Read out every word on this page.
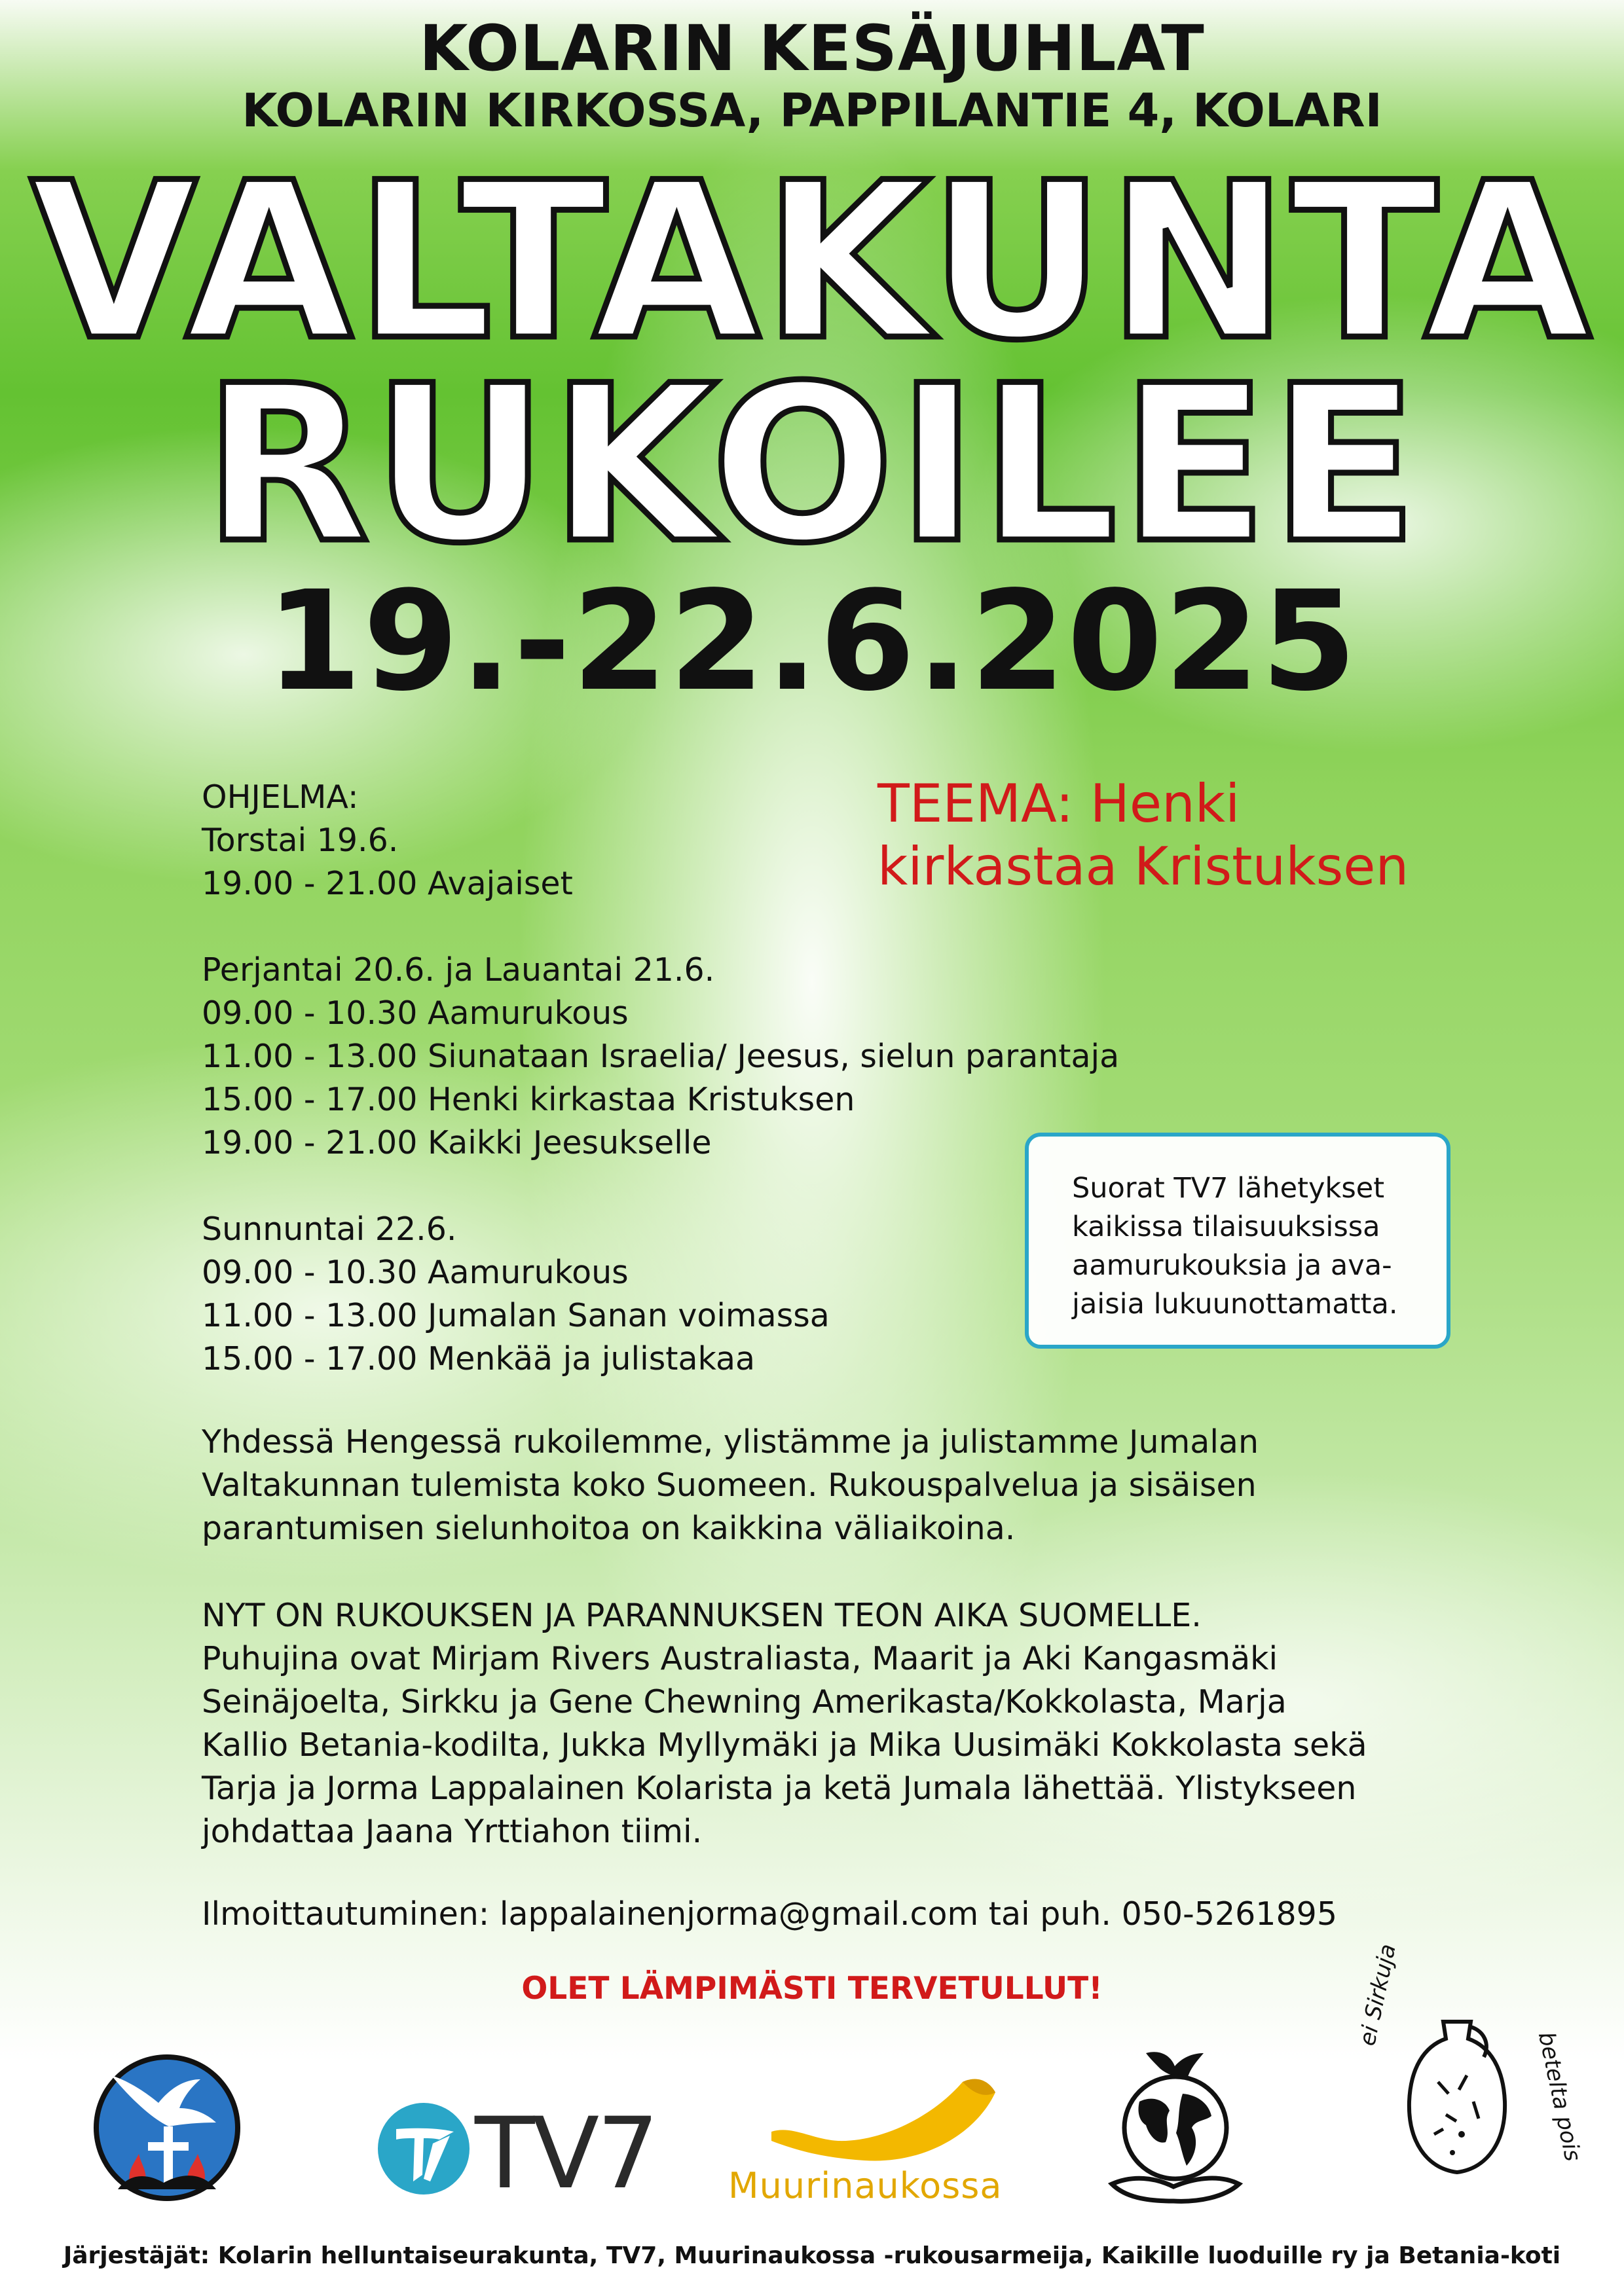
KOLARIN KESÄJUHLAT
KOLARIN KIRKOSSA, PAPPILANTIE 4, KOLARI
VALTAKUNTA
RUKOILEE
19.-22.6.2025
TEEMA: Henki
kirkastaa Kristuksen
OHJELMA:
Torstai 19.6.
19.00 - 21.00 Avajaiset
Perjantai 20.6. ja Lauantai 21.6.
09.00 - 10.30 Aamurukous
11.00 - 13.00 Siunataan Israelia/ Jeesus, sielun parantaja
15.00 - 17.00 Henki kirkastaa Kristuksen
19.00 - 21.00 Kaikki Jeesukselle
Sunnuntai 22.6.
09.00 - 10.30 Aamurukous
11.00 - 13.00 Jumalan Sanan voimassa
15.00 - 17.00 Menkää ja julistakaa
Suorat TV7 lähetykset
kaikissa tilaisuuksissa
aamurukouksia ja ava-
jaisia lukuunottamatta.
Yhdessä Hengessä rukoilemme, ylistämme ja julistamme Jumalan
Valtakunnan tulemista koko Suomeen. Rukouspalvelua ja sisäisen
parantumisen sielunhoitoa on kaikkina väliaikoina.
NYT ON RUKOUKSEN JA PARANNUKSEN TEON AIKA SUOMELLE.
Puhujina ovat Mirjam Rivers Australiasta, Maarit ja Aki Kangasmäki
Seinäjoelta, Sirkku ja Gene Chewning Amerikasta/Kokkolasta, Marja
Kallio Betania-kodilta, Jukka Myllymäki ja Mika Uusimäki Kokkolasta sekä
Tarja ja Jorma Lappalainen Kolarista ja ketä Jumala lähettää. Ylistykseen
johdattaa Jaana Yrttiahon tiimi.
Ilmoittautuminen: lappalainenjorma@gmail.com tai puh. 050-5261895
OLET LÄMPIMÄSTI TERVETULLUT!
TV7 Muurinaukossa
ei Sirkuja
betelta pois
Järjestäjät: Kolarin helluntaiseurakunta, TV7, Muurinaukossa -rukousarmeija, Kaikille luoduille ry ja Betania-koti
